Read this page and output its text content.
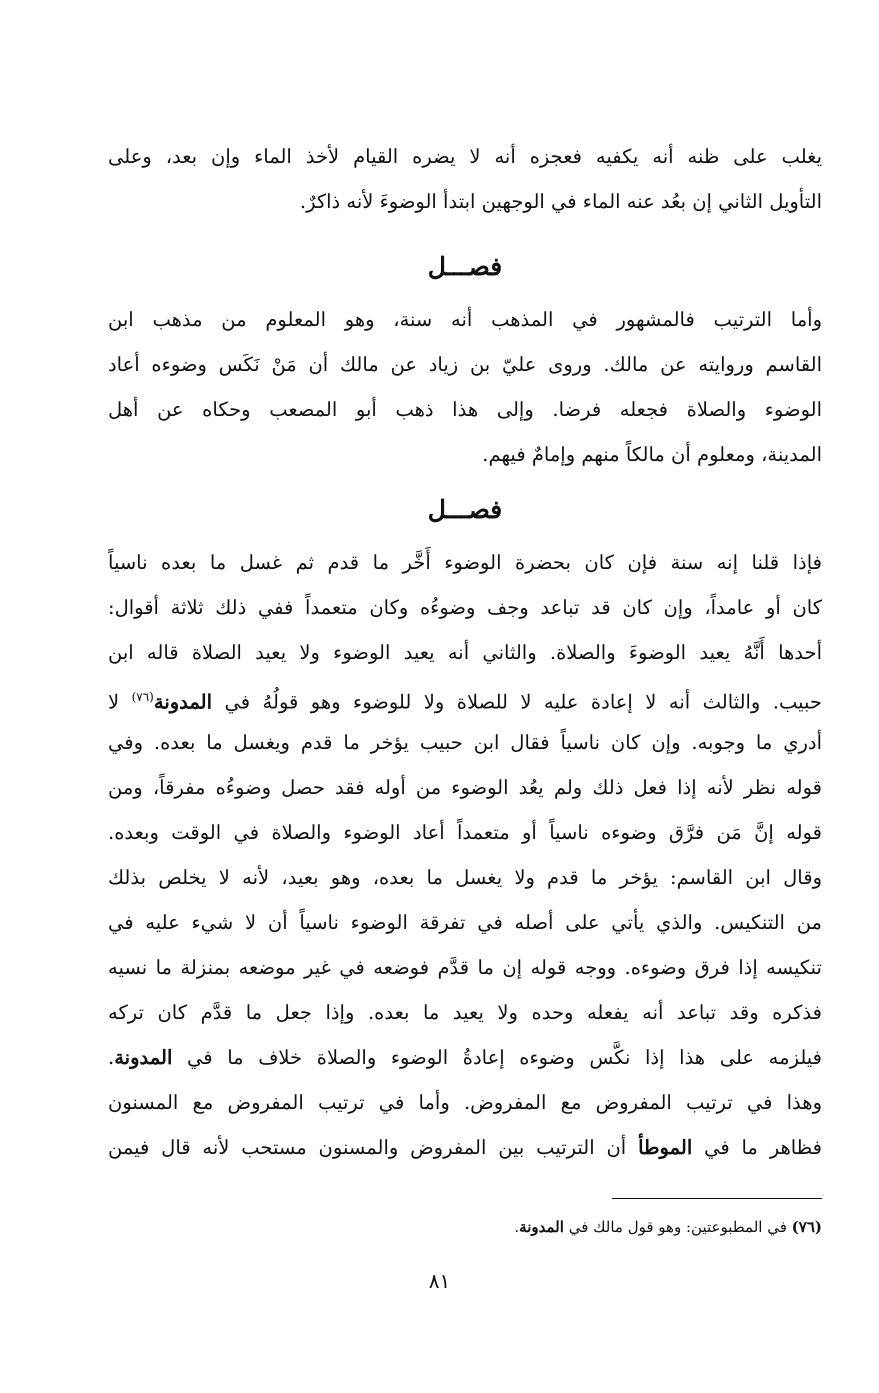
يغلب على ظنه أنه يكفيه فعجزه أنه لا يضره القيام لأخذ الماء وإن بعد، وعلى
التأويل الثاني إن بعُد عنه الماء في الوجهين ابتدأ الوضوءَ لأنه ذاكرٌ.
فصـــل
وأما الترتيب فالمشهور في المذهب أنه سنة، وهو المعلوم من مذهب ابن
القاسم وروايته عن مالك. وروى عليّ بن زياد عن مالك أن مَنْ نَكَس وضوءه أعاد
الوضوء والصلاة فجعله فرضا. وإلى هذا ذهب أبو المصعب وحكاه عن أهل
المدينة، ومعلوم أن مالكاً منهم وإمامٌ فيهم.
فصـــل
فإذا قلنا إنه سنة فإن كان بحضرة الوضوء أَخَّر ما قدم ثم غسل ما بعده ناسياً
كان أو عامداً، وإن كان قد تباعد وجف وضوءُه وكان متعمداً ففي ذلك ثلاثة أقوال:
أحدها أَنَّهُ يعيد الوضوءَ والصلاة. والثاني أنه يعيد الوضوء ولا يعيد الصلاة قاله ابن
حبيب. والثالث أنه لا إعادة عليه لا للصلاة ولا للوضوء وهو قولُهُ في المدونة$^{(٧٦)}$ لا
أدري ما وجوبه. وإن كان ناسياً فقال ابن حبيب يؤخر ما قدم ويغسل ما بعده. وفي
قوله نظر لأنه إذا فعل ذلك ولم يعُد الوضوء من أوله فقد حصل وضوءُه مفرقاً، ومن
قوله إنَّ مَن فرَّق وضوءه ناسياً أو متعمداً أعاد الوضوء والصلاة في الوقت وبعده.
وقال ابن القاسم: يؤخر ما قدم ولا يغسل ما بعده، وهو بعيد، لأنه لا يخلص بذلك
من التنكيس. والذي يأتي على أصله في تفرقة الوضوء ناسياً أن لا شيء عليه في
تنكيسه إذا فرق وضوءه. ووجه قوله إن ما قدَّم فوضعه في غير موضعه بمنزلة ما نسيه
فذكره وقد تباعد أنه يفعله وحده ولا يعيد ما بعده. وإذا جعل ما قدَّم كان تركه
فيلزمه على هذا إذا نكَّس وضوءه إعادةُ الوضوء والصلاة خلاف ما في المدونة.
وهذا في ترتيب المفروض مع المفروض. وأما في ترتيب المفروض مع المسنون
فظاهر ما في الموطأ أن الترتيب بين المفروض والمسنون مستحب لأنه قال فيمن
(٧٦) في المطبوعتين: وهو قول مالك في المدونة.
٨١
